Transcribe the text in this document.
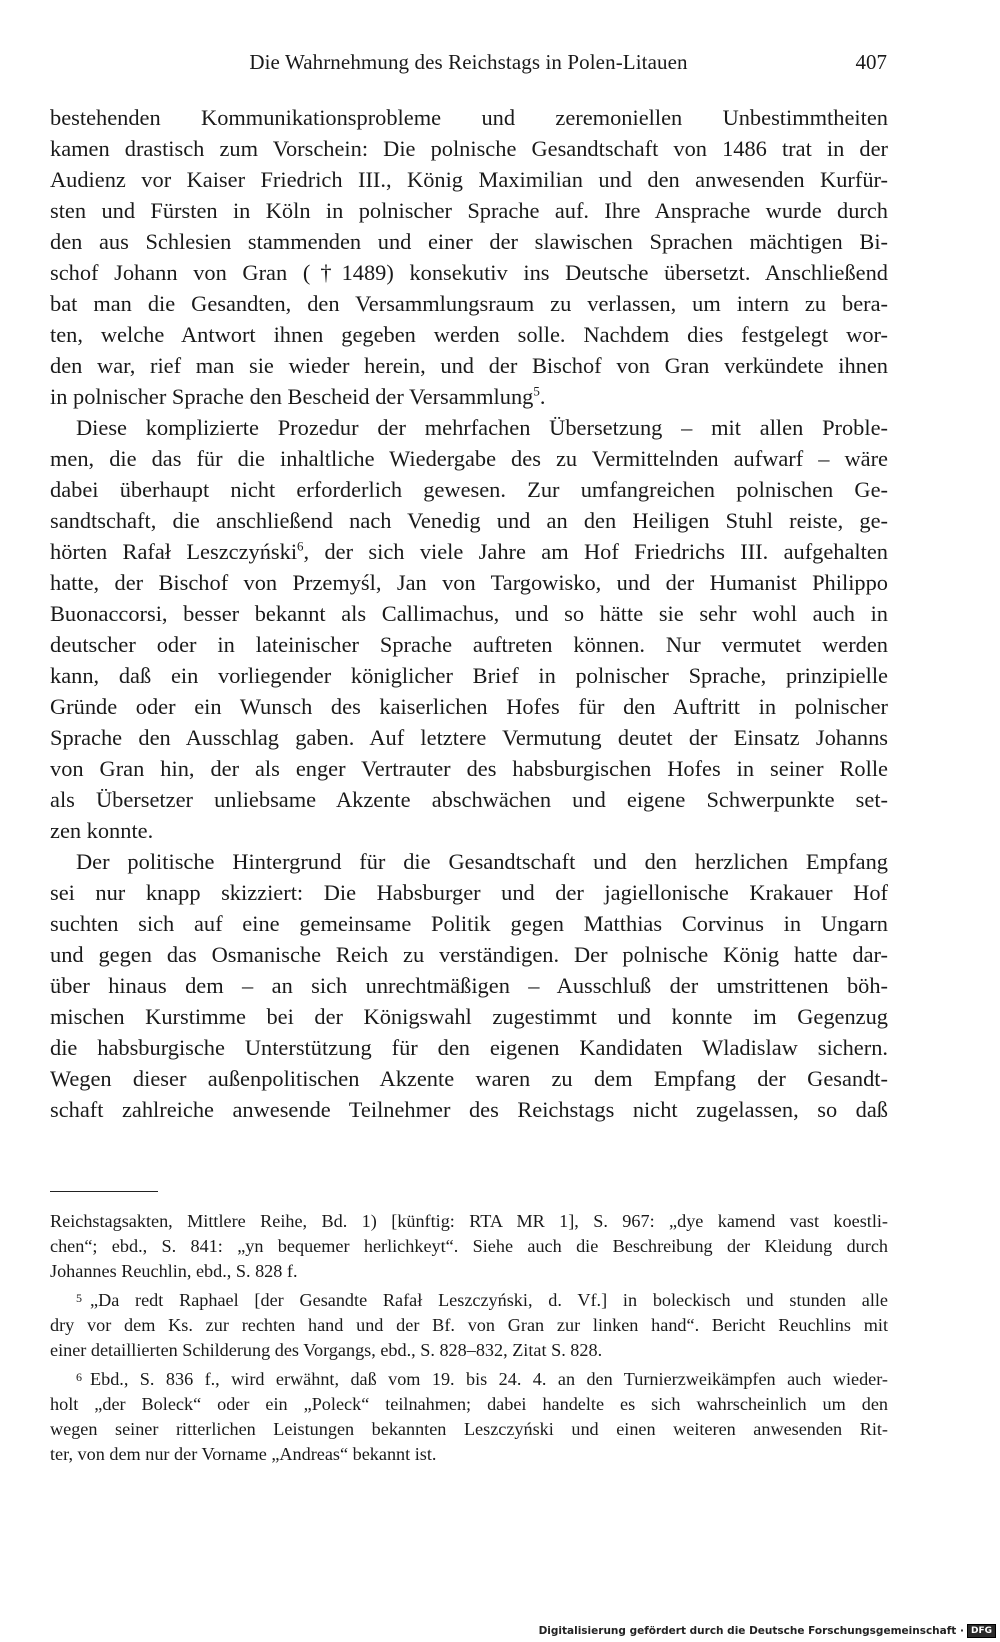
Die Wahrnehmung des Reichstags in Polen-Litauen	407
bestehenden Kommunikationsprobleme und zeremoniellen Unbestimmtheiten
kamen drastisch zum Vorschein: Die polnische Gesandtschaft von 1486 trat in der
Audienz vor Kaiser Friedrich III., König Maximilian und den anwesenden Kurfür-
sten und Fürsten in Köln in polnischer Sprache auf. Ihre Ansprache wurde durch
den aus Schlesien stammenden und einer der slawischen Sprachen mächtigen Bi-
schof Johann von Gran (†1489) konsekutiv ins Deutsche übersetzt. Anschließend
bat man die Gesandten, den Versammlungsraum zu verlassen, um intern zu bera-
ten, welche Antwort ihnen gegeben werden solle. Nachdem dies festgelegt wor-
den war, rief man sie wieder herein, und der Bischof von Gran verkündete ihnen
in polnischer Sprache den Bescheid der Versammlung$^5$.
Diese komplizierte Prozedur der mehrfachen Übersetzung – mit allen Proble-
men, die das für die inhaltliche Wiedergabe des zu Vermittelnden aufwarf – wäre
dabei überhaupt nicht erforderlich gewesen. Zur umfangreichen polnischen Ge-
sandtschaft, die anschließend nach Venedig und an den Heiligen Stuhl reiste, ge-
hörten Rafał Leszczyński$^6$, der sich viele Jahre am Hof Friedrichs III. aufgehalten
hatte, der Bischof von Przemyśl, Jan von Targowisko, und der Humanist Philippo
Buonaccorsi, besser bekannt als Callimachus, und so hätte sie sehr wohl auch in
deutscher oder in lateinischer Sprache auftreten können. Nur vermutet werden
kann, daß ein vorliegender königlicher Brief in polnischer Sprache, prinzipielle
Gründe oder ein Wunsch des kaiserlichen Hofes für den Auftritt in polnischer
Sprache den Ausschlag gaben. Auf letztere Vermutung deutet der Einsatz Johanns
von Gran hin, der als enger Vertrauter des habsburgischen Hofes in seiner Rolle
als Übersetzer unliebsame Akzente abschwächen und eigene Schwerpunkte set-
zen konnte.
Der politische Hintergrund für die Gesandtschaft und den herzlichen Empfang
sei nur knapp skizziert: Die Habsburger und der jagiellonische Krakauer Hof
suchten sich auf eine gemeinsame Politik gegen Matthias Corvinus in Ungarn
und gegen das Osmanische Reich zu verständigen. Der polnische König hatte dar-
über hinaus dem – an sich unrechtmäßigen – Ausschluß der umstrittenen böh-
mischen Kurstimme bei der Königswahl zugestimmt und konnte im Gegenzug
die habsburgische Unterstützung für den eigenen Kandidaten Wladislaw sichern.
Wegen dieser außenpolitischen Akzente waren zu dem Empfang der Gesandt-
schaft zahlreiche anwesende Teilnehmer des Reichstags nicht zugelassen, so daß
Reichstagsakten, Mittlere Reihe, Bd. 1) [künftig: RTA MR 1], S. 967: „dye kamend vast koestli-
chen“; ebd., S. 841: „yn bequemer herlichkeyt“. Siehe auch die Beschreibung der Kleidung durch
Johannes Reuchlin, ebd., S. 828 f.
$^5$ „Da redt Raphael [der Gesandte Rafał Leszczyński, d. Vf.] in boleckisch und stunden alle
dry vor dem Ks. zur rechten hand und der Bf. von Gran zur linken hand“. Bericht Reuchlins mit
einer detaillierten Schilderung des Vorgangs, ebd., S. 828–832, Zitat S. 828.
$^6$ Ebd., S. 836 f., wird erwähnt, daß vom 19. bis 24. 4. an den Turnierzweikämpfen auch wieder-
holt „der Boleck“ oder ein „Poleck“ teilnahmen; dabei handelte es sich wahrscheinlich um den
wegen seiner ritterlichen Leistungen bekannten Leszczyński und einen weiteren anwesenden Rit-
ter, von dem nur der Vorname „Andreas“ bekannt ist.
Digitalisierung gefördert durch die Deutsche Forschungsgemeinschaft · DFG
